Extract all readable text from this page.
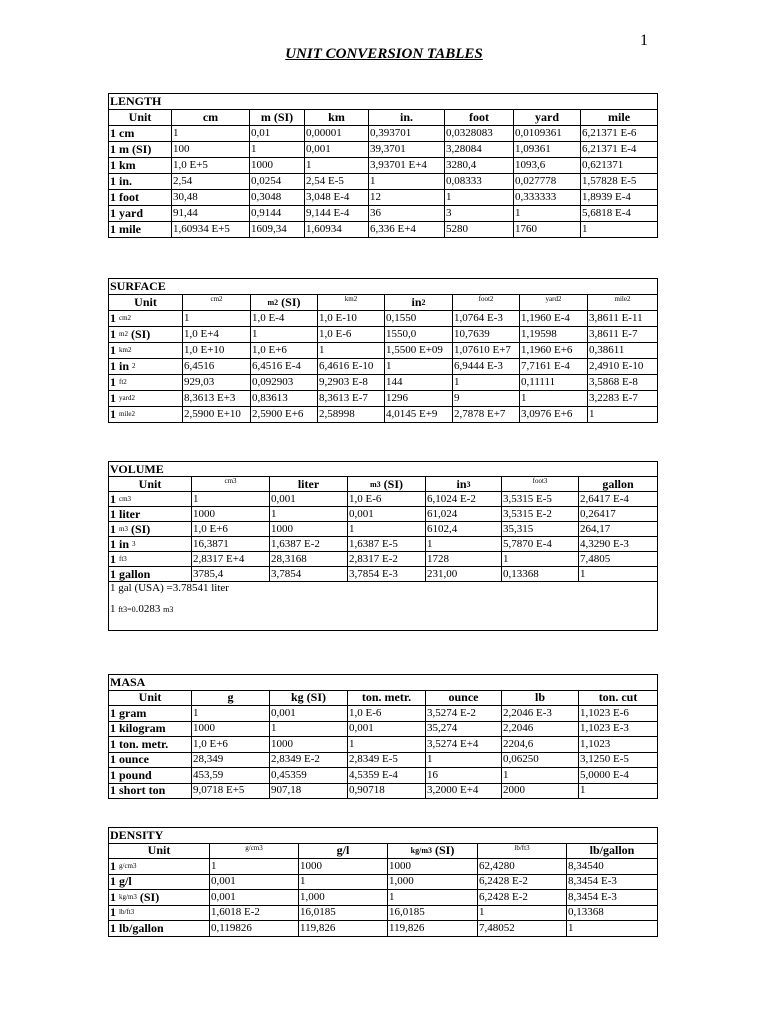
1
UNIT CONVERSION TABLES
LENGTH							
Unit	cm	m (SI)	km	in.	foot	yard	mile
1 cm	1	0,01	0,00001	0,393701	0,0328083	0,0109361	6,21371 E-6
1 m (SI)	100	1	0,001	39,3701	3,28084	1,09361	6,21371 E-4
1 km	1,0 E+5	1000	1	3,93701 E+4	3280,4	1093,6	0,621371
1 in.	2,54	0,0254	2,54 E-5	1	0,08333	0,027778	1,57828 E-5
1 foot	30,48	0,3048	3,048 E-4	12	1	0,333333	1,8939 E-4
1 yard	91,44	0,9144	9,144 E-4	36	3	1	5,6818 E-4
1 mile	1,60934 E+5	1609,34	1,60934	6,336 E+4	5280	1760	1
SURFACE							
Unit	cm2	$^{m2}$ (SI)	km2	$in^2$	foot2	yard2	mile2
1 $^{cm2}$	1	1,0 E-4	1,0 E-10	0,1550	1,0764 E-3	1,1960 E-4	3,8611 E-11
1 $^{m2}$ (SI)	1,0 E+4	1	1,0 E-6	1550,0	10,7639	1,19598	3,8611 E-7
1 $^{km2}$	1,0 E+10	1,0 E+6	1	1,5500 E+09	1,07610 E+7	1,1960 E+6	0,38611
1 in $^2$	6,4516	6,4516 E-4	6,4616 E-10	1	6,9444 E-3	7,7161 E-4	2,4910 E-10
1 $^{ft2}$	929,03	0,092903	9,2903 E-8	144	1	0,11111	3,5868 E-8
1 $^{yard2}$	8,3613 E+3	0,83613	8,3613 E-7	1296	9	1	3,2283 E-7
1 $^{mile2}$	2,5900 E+10	2,5900 E+6	2,58998	4,0145 E+9	2,7878 E+7	3,0976 E+6	1
VOLUME						
Unit	cm3	liter	$^{m3}$ (SI)	$in^3$	foot3	gallon
1 $^{cm3}$	1	0,001	1,0 E-6	6,1024 E-2	3,5315 E-5	2,6417 E-4
1 liter	1000	1	0,001	61,024	3,5315 E-2	0,26417
1 $^{m3}$ (SI)	1,0 E+6	1000	1	6102,4	35,315	264,17
1 in $^3$	16,3871	1,6387 E-2	1,6387 E-5	1	5,7870 E-4	4,3290 E-3
1 $^{ft3}$	2,8317 E+4	28,3168	2,8317 E-2	1728	1	7,4805
1 gallon	3785,4	3,7854	3,7854 E-3	231,00	0,13368	1
1 gal (USA) =3.78541 liter						
1 $^{ft3=0}$.0283 $^{m3}$
MASA						
Unit	g	kg (SI)	ton. metr.	ounce	lb	ton. cut
1 gram	1	0,001	1,0 E-6	3,5274 E-2	2,2046 E-3	1,1023 E-6
1 kilogram	1000	1	0,001	35,274	2,2046	1,1023 E-3
1 ton. metr.	1,0 E+6	1000	1	3,5274 E+4	2204,6	1,1023
1 ounce	28,349	2,8349 E-2	2,8349 E-5	1	0,06250	3,1250 E-5
1 pound	453,59	0,45359	4,5359 E-4	16	1	5,0000 E-4
1 short ton	9,0718 E+5	907,18	0,90718	3,2000 E+4	2000	1
DENSITY					
Unit	g/cm3	g/l	$^{kg/m3}$ (SI)	lb/ft3	lb/gallon
1 $^{g/cm3}$	1	1000	1000	62,4280	8,34540
1 g/l	0,001	1	1,000	6,2428 E-2	8,3454 E-3
1 $^{kg/m3}$ (SI)	0,001	1,000	1	6,2428 E-2	8,3454 E-3
1 $^{lb/ft3}$	1,6018 E-2	16,0185	16,0185	1	0,13368
1 lb/gallon	0,119826	119,826	119,826	7,48052	1
